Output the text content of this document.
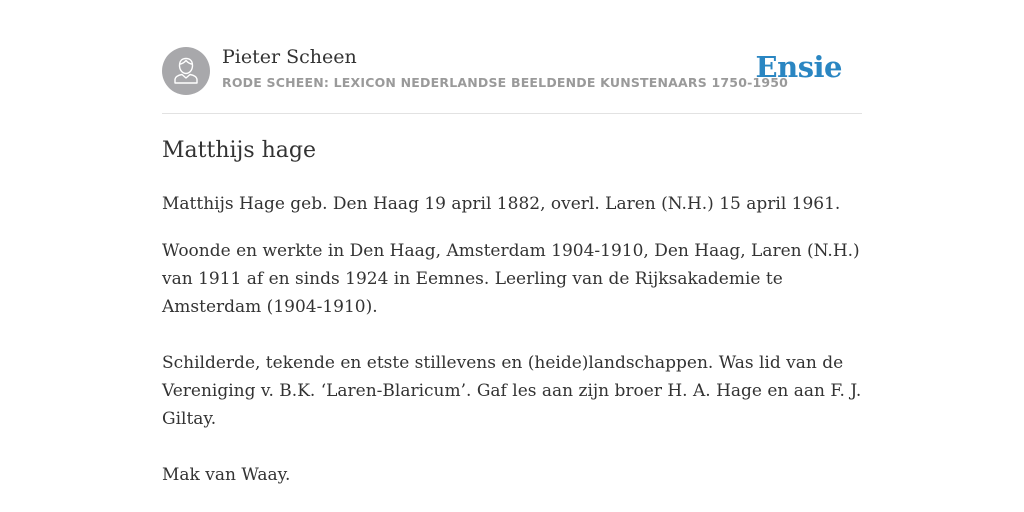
Pieter Scheen
RODE SCHEEN: LEXICON NEDERLANDSE BEELDENDE KUNSTENAARS 1750-1950
Ensie
Matthijs hage

Matthijs Hage geb. Den Haag 19 april 1882, overl. Laren (N.H.) 15 april 1961.

Woonde en werkte in Den Haag, Amsterdam 1904-1910, Den Haag, Laren (N.H.) van 1911 af en sinds 1924 in Eemnes. Leerling van de Rijksakademie te Amsterdam (1904-1910).

Schilderde, tekende en etste stillevens en (heide)landschappen. Was lid van de Vereniging v. B.K. ‘Laren-Blaricum’. Gaf les aan zijn broer H. A. Hage en aan F. J. Giltay.

Mak van Waay.
